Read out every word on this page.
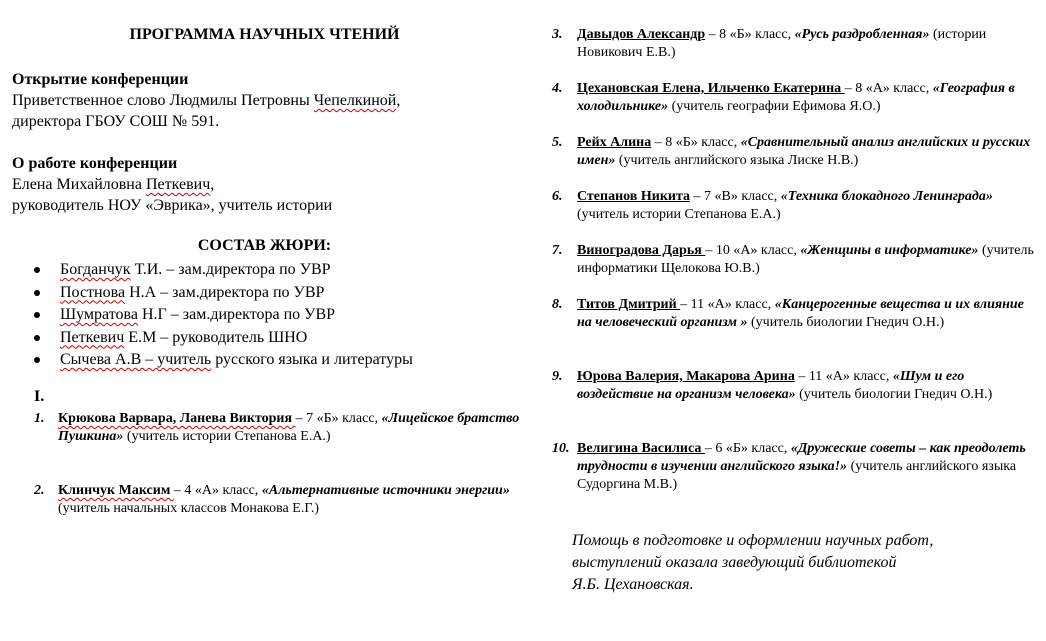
ПРОГРАММА НАУЧНЫХ ЧТЕНИЙ
Открытие конференции
Приветственное слово Людмилы Петровны Чепелкиной,
директора ГБОУ СОШ № 591.
О работе конференции
Елена Михайловна Петкевич,
руководитель НОУ «Эврика», учитель истории
СОСТАВ ЖЮРИ:
Богданчук Т.И. – зам.директора по УВР
Постнова Н.А – зам.директора по УВР
Шумратова Н.Г – зам.директора по УВР
Петкевич Е.М – руководитель ШНО
Сычева А.В – учитель русского языка и литературы
I.
1. Крюкова Варвара, Ланева Виктория – 7 «Б» класс, «Лицейское братство Пушкина» (учитель истории Степанова Е.А.)
2. Клинчук Максим – 4 «А» класс, «Альтернативные источники энергии» (учитель начальных классов Монакова Е.Г.)
3. Давыдов Александр – 8 «Б» класс, «Русь раздробленная» (истории Новикович Е.В.)
4. Цехановская Елена, Ильченко Екатерина – 8 «А» класс, «География в холодильнике» (учитель географии Ефимова Я.О.)
5. Рейх Алина – 8 «Б» класс, «Сравнительный анализ английских и русских имен» (учитель английского языка Лиске Н.В.)
6. Степанов Никита – 7 «В» класс, «Техника блокадного Ленинграда» (учитель истории Степанова Е.А.)
7. Виноградова Дарья – 10 «А» класс, «Женщины в информатике» (учитель информатики Щелокова Ю.В.)
8. Титов Дмитрий – 11 «А» класс, «Канцерогенные вещества и их влияние на человеческий организм » (учитель биологии Гнедич О.Н.)
9. Юрова Валерия, Макарова Арина – 11 «А» класс, «Шум и его воздействие на организм человека» (учитель биологии Гнедич О.Н.)
10. Велигина Василиса – 6 «Б» класс, «Дружеские советы – как преодолеть трудности в изучении английского языка!» (учитель английского языка Судоргина М.В.)
Помощь в подготовке и оформлении научных работ,
выступлений оказала заведующий библиотекой
Я.Б. Цехановская.
